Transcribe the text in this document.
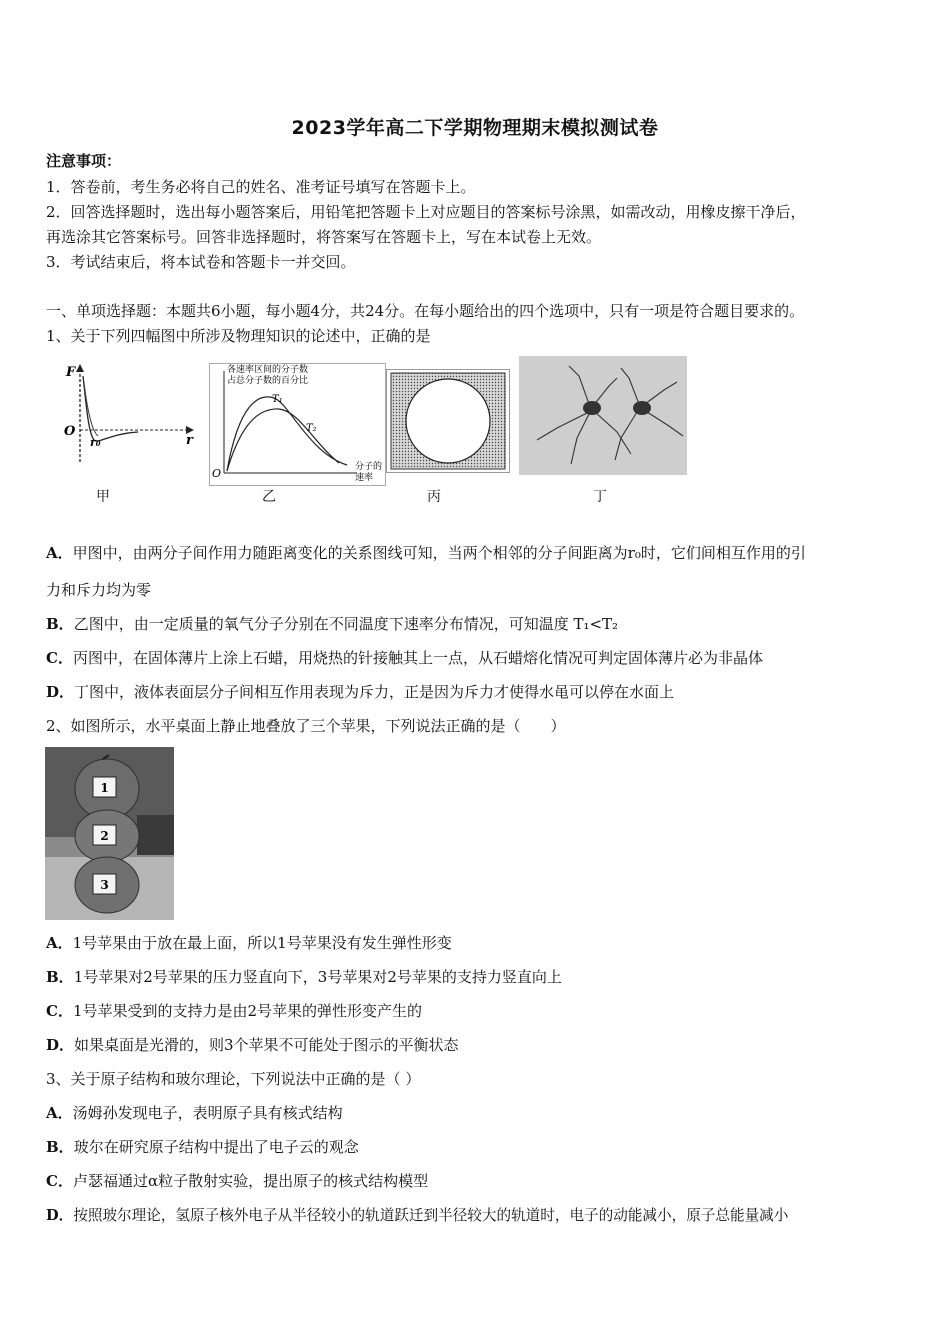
2023学年高二下学期物理期末模拟测试卷
注意事项：
1．答卷前，考生务必将自己的姓名、准考证号填写在答题卡上。
2．回答选择题时，选出每小题答案后，用铅笔把答题卡上对应题目的答案标号涂黑，如需改动，用橡皮擦干净后，
再选涂其它答案标号。回答非选择题时，将答案写在答题卡上，写在本试卷上无效。
3．考试结束后，将本试卷和答题卡一并交回。
一、单项选择题：本题共6小题，每小题4分，共24分。在每小题给出的四个选项中，只有一项是符合题目要求的。
1、关于下列四幅图中所涉及物理知识的论述中，正确的是
F
O
r
r₀
甲
各速率区间的分子数
占总分子数的百分比
T₁
T₂
O	分子的
速率
乙	丙	丁
A．甲图中，由两分子间作用力随距离变化的关系图线可知，当两个相邻的分子间距离为r₀时，它们间相互作用的引
力和斥力均为零
B．乙图中，由一定质量的氧气分子分别在不同温度下速率分布情况，可知温度 T₁<T₂
C．丙图中，在固体薄片上涂上石蜡，用烧热的针接触其上一点，从石蜡熔化情况可判定固体薄片必为非晶体
D．丁图中，液体表面层分子间相互作用表现为斥力，正是因为斥力才使得水黾可以停在水面上
2、如图所示，水平桌面上静止地叠放了三个苹果，下列说法正确的是（　　）
1
2
3
A．1号苹果由于放在最上面，所以1号苹果没有发生弹性形变
B．1号苹果对2号苹果的压力竖直向下，3号苹果对2号苹果的支持力竖直向上
C．1号苹果受到的支持力是由2号苹果的弹性形变产生的
D．如果桌面是光滑的，则3个苹果不可能处于图示的平衡状态
3、关于原子结构和玻尔理论，下列说法中正确的是（ ）
A．汤姆孙发现电子，表明原子具有核式结构
B．玻尔在研究原子结构中提出了电子云的观念
C．卢瑟福通过α粒子散射实验，提出原子的核式结构模型
D．按照玻尔理论，氢原子核外电子从半径较小的轨道跃迁到半径较大的轨道时，电子的动能减小，原子总能量减小
